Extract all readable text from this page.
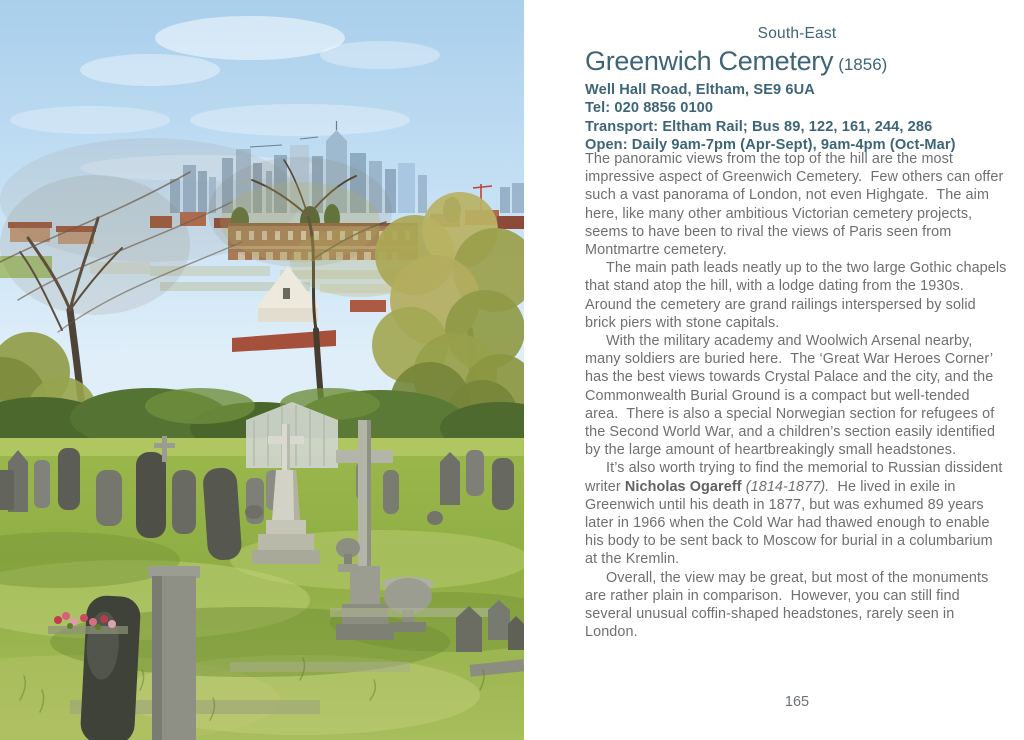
South-East
Greenwich Cemetery (1856)
Well Hall Road, Eltham, SE9 6UA
Tel: 020 8856 0100
Transport: Eltham Rail; Bus 89, 122, 161, 244, 286
Open: Daily 9am-7pm (Apr-Sept), 9am-4pm (Oct-Mar)

The panoramic views from the top of the hill are the most impressive aspect of Greenwich Cemetery.  Few others can offer such a vast panorama of London, not even Highgate.  The aim here, like many other ambitious Victorian cemetery projects, seems to have been to rival the views of Paris seen from Montmartre cemetery.

The main path leads neatly up to the two large Gothic chapels that stand atop the hill, with a lodge dating from the 1930s.  Around the cemetery are grand railings interspersed by solid brick piers with stone capitals.

With the military academy and Woolwich Arsenal nearby, many soldiers are buried here.  The ‘Great War Heroes Corner’ has the best views towards Crystal Palace and the city, and the Commonwealth Burial Ground is a compact but well-tended area.  There is also a special Norwegian section for refugees of the Second World War, and a children’s section easily identified by the large amount of heartbreakingly small headstones.

It’s also worth trying to find the memorial to Russian dissident writer Nicholas Ogareff (1814-1877).  He lived in exile in Greenwich until his death in 1877, but was exhumed 89 years later in 1966 when the Cold War had thawed enough to enable his body to be sent back to Moscow for burial in a columbarium at the Kremlin.

Overall, the view may be great, but most of the monuments are rather plain in comparison.  However, you can still find several unusual coffin-shaped headstones, rarely seen in London.

165
